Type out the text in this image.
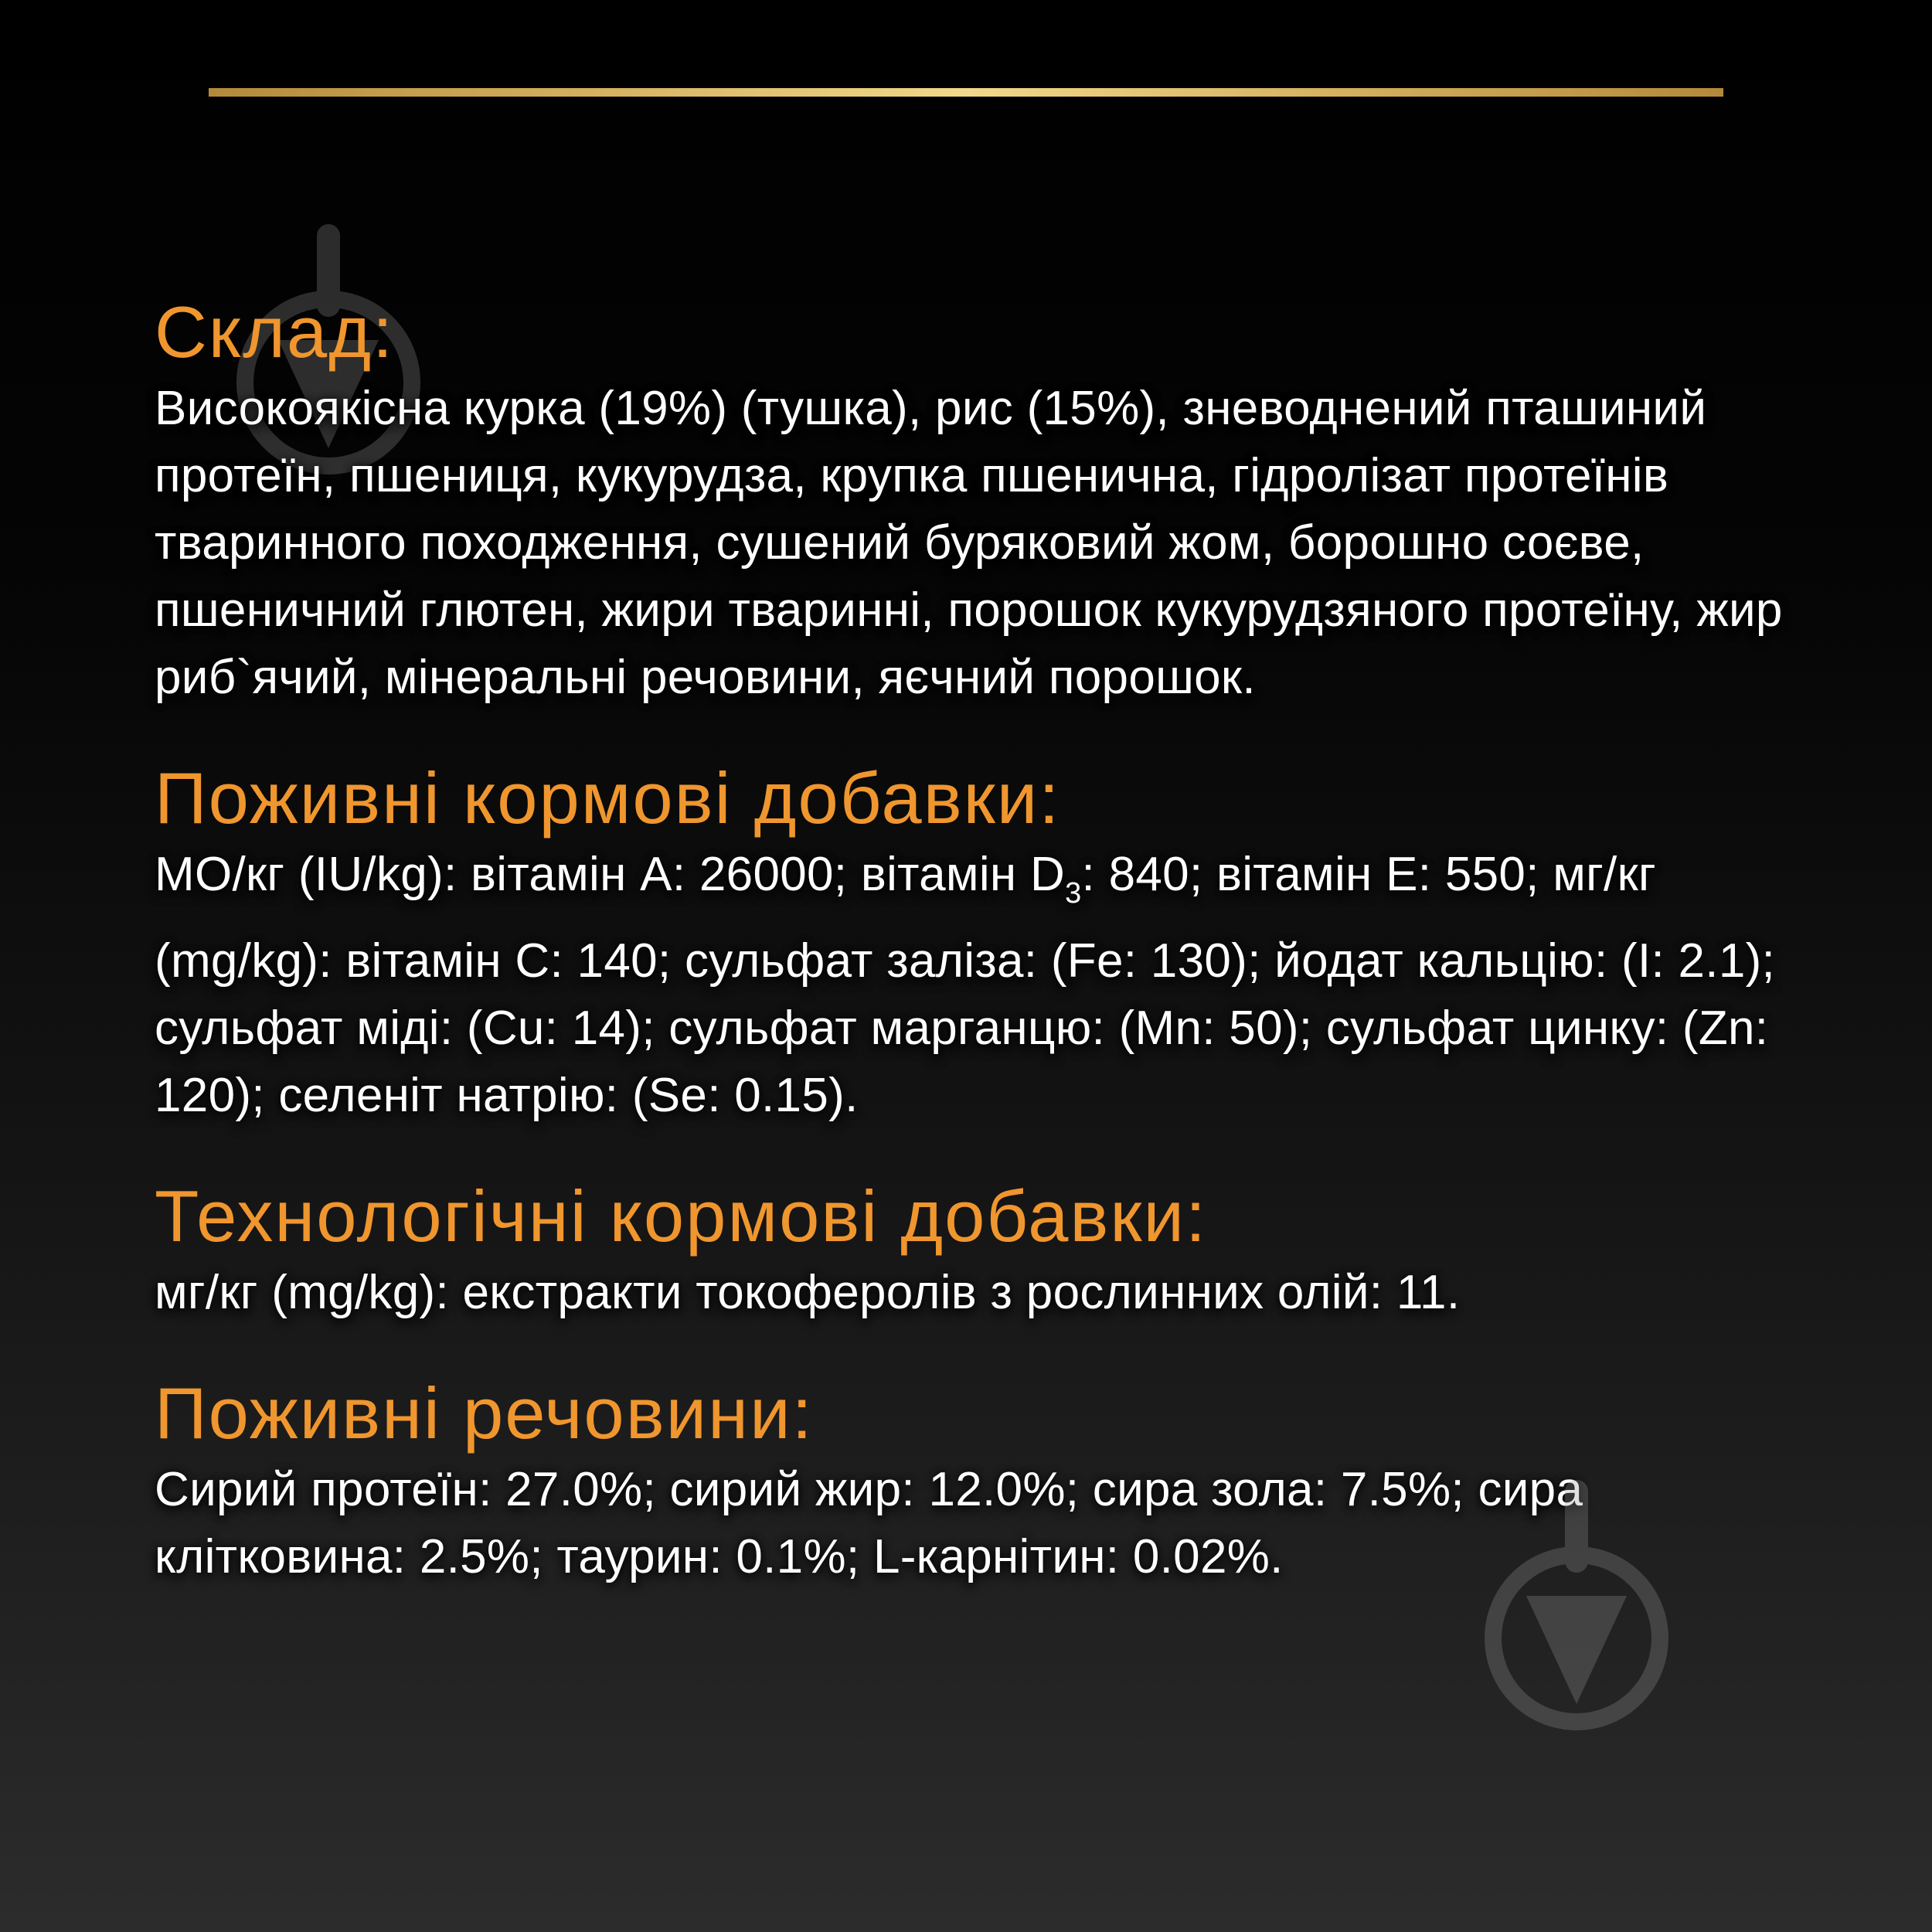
Склад:

Високоякісна курка (19%) (тушка), рис (15%), зневоднений пташиний протеїн, пшениця, кукурудза, крупка пшенична, гідролізат протеїнів тваринного походження, сушений буряковий жом, борошно соєве, пшеничний глютен, жири тваринні, порошок кукурудзяного протеїну, жир риб`ячий, мінеральні речовини, яєчний порошок.

Поживні кормові добавки:

МО/кг (IU/kg): вітамін А: 26000; вітамін $D_3$: 840; вітамін Е: 550; мг/кг (mg/kg): вітамін С: 140; сульфат заліза: (Fe: 130); йодат кальцію: (I: 2.1); сульфат міді: (Cu: 14); сульфат марганцю: (Mn: 50); сульфат цинку: (Zn: 120); селеніт натрію: (Se: 0.15).

Технологічні кормові добавки:

мг/кг (mg/kg): екстракти токоферолів з рослинних олій: 11.

Поживні речовини:

Сирий протеїн: 27.0%; сирий жир: 12.0%; сира зола: 7.5%; сира клітковина: 2.5%; таурин: 0.1%; L-карнітин: 0.02%.
